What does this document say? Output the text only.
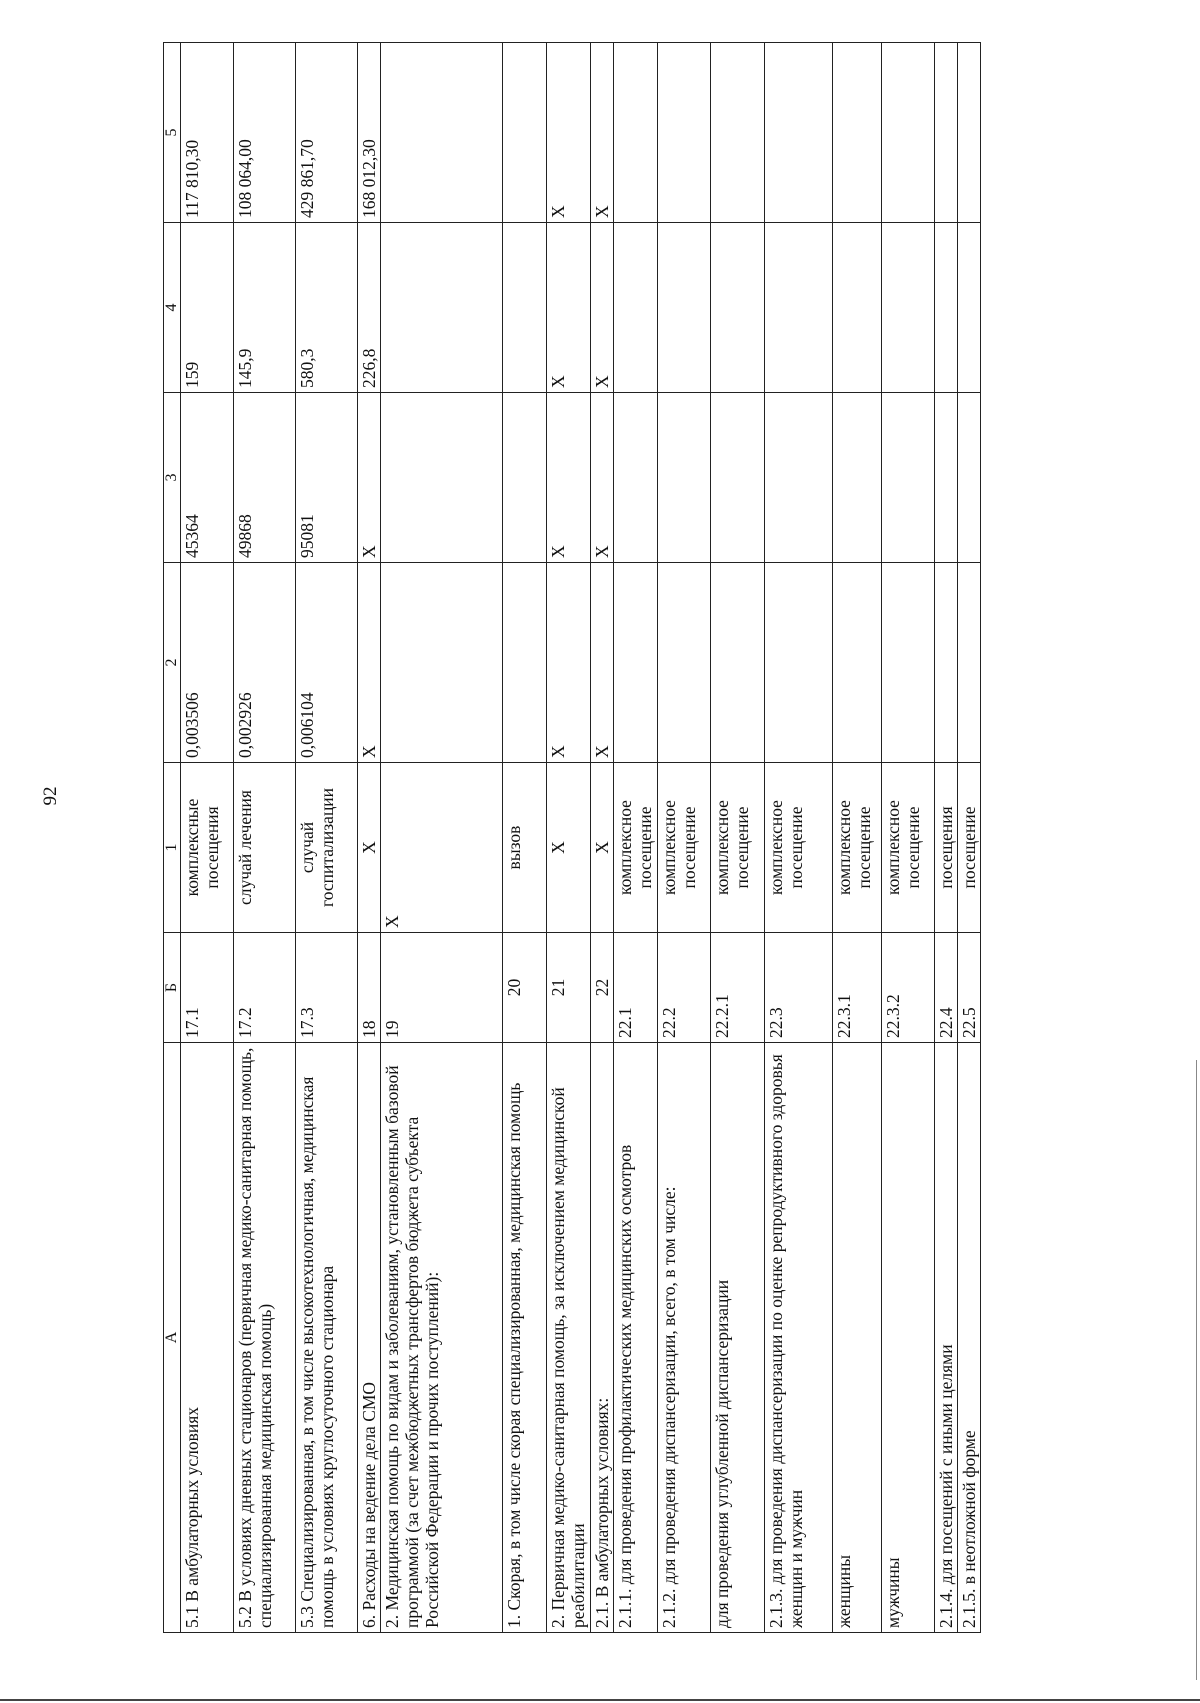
92
А	Б	1	2	3	4	5
5.1 В амбулаторных условиях	17.1	комплексные посещения	0,003506	45364	159	117 810,30
5.2 В условиях дневных стационаров (первичная медико-санитарная помощь, специализированная медицинская помощь)	17.2	случай лечения	0,002926	49868	145,9	108 064,00
5.3 Специализированная, в том числе высокотехнологичная, медицинская помощь в условиях круглосуточного стационара	17.3	случай госпитализации	0,006104	95081	580,3	429 861,70
6. Расходы на ведение дела СМО	18	Х	Х	Х	226,8	168 012,30
2. Медицинская помощь по видам и заболеваниям, установленным базовой программой (за счет межбюджетных трансфертов бюджета субъекта Российской Федерации и прочих поступлений):	19	Х				
1. Скорая, в том числе скорая специализированная, медицинская помощь	20	вызов				
2. Первичная медико-санитарная помощь, за исключением медицинской реабилитации	21	Х	Х	Х	Х	Х
2.1. В амбулаторных условиях:	22	Х	Х	Х	Х	Х
2.1.1. для проведения профилактических медицинских осмотров	22.1	комплексное посещение				
2.1.2. для проведения диспансеризации, всего, в том числе:	22.2	комплексное посещение				
для проведения углубленной диспансеризации	22.2.1	комплексное посещение				
2.1.3. для проведения диспансеризации по оценке репродуктивного здоровья женщин и мужчин	22.3	комплексное посещение				
женщины	22.3.1	комплексное посещение				
мужчины	22.3.2	комплексное посещение				
2.1.4. для посещений с иными целями	22.4	посещения				
2.1.5. в неотложной форме	22.5	посещение				
